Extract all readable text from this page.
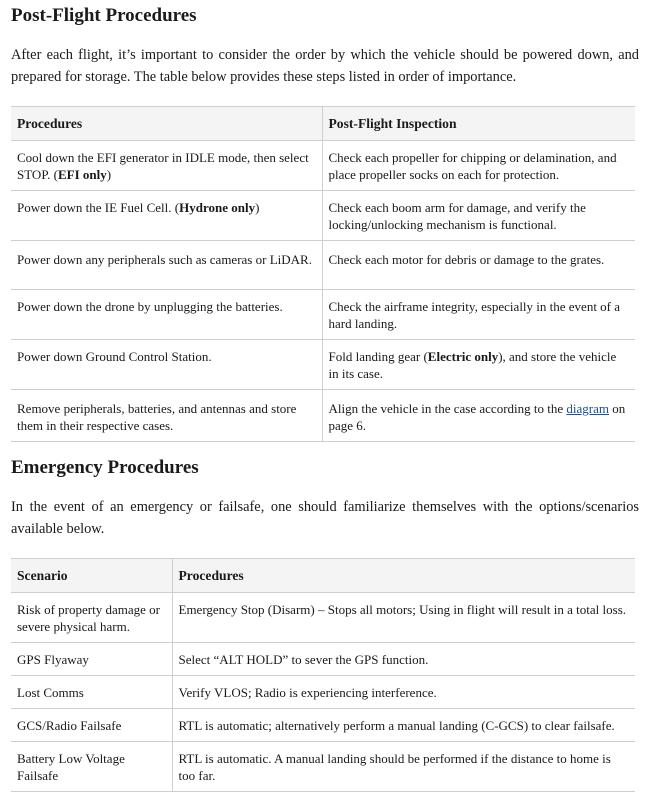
Post-Flight Procedures

After each flight, it’s important to consider the order by which the vehicle should be powered down, and prepared for storage. The table below provides these steps listed in order of importance.

Procedures	Post-Flight Inspection
Cool down the EFI generator in IDLE mode, then select STOP. (EFI only)	Check each propeller for chipping or delamination, and place propeller socks on each for protection.
Power down the IE Fuel Cell. (Hydrone only)	Check each boom arm for damage, and verify the locking/unlocking mechanism is functional.
Power down any peripherals such as cameras or LiDAR.	Check each motor for debris or damage to the grates.
Power down the drone by unplugging the batteries.	Check the airframe integrity, especially in the event of a hard landing.
Power down Ground Control Station.	Fold landing gear (Electric only), and store the vehicle in its case.
Remove peripherals, batteries, and antennas and store them in their respective cases.	Align the vehicle in the case according to the diagram on page 6.
Emergency Procedures

In the event of an emergency or failsafe, one should familiarize themselves with the options/scenarios available below.

Scenario	Procedures
Risk of property damage or severe physical harm.	Emergency Stop (Disarm) – Stops all motors; Using in flight will result in a total loss.
GPS Flyaway	Select “ALT HOLD” to sever the GPS function.
Lost Comms	Verify VLOS; Radio is experiencing interference.
GCS/Radio Failsafe	RTL is automatic; alternatively perform a manual landing (C-GCS) to clear failsafe.
Battery Low Voltage Failsafe	RTL is automatic. A manual landing should be performed if the distance to home is too far.
